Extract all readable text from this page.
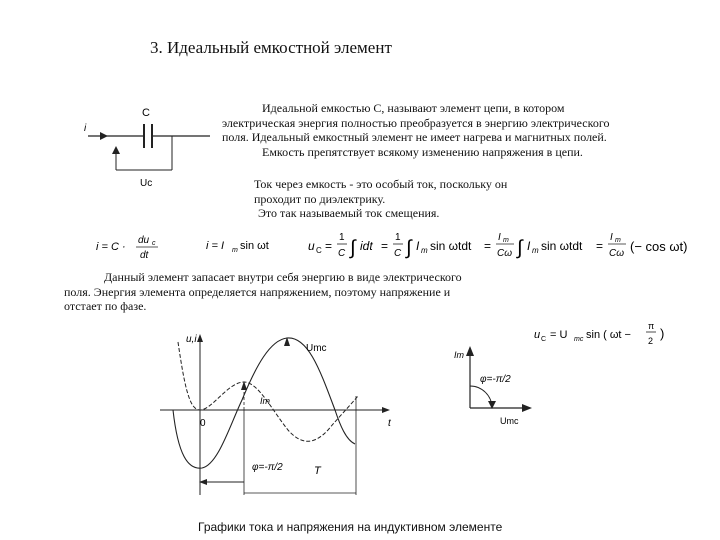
3. Идеальный емкостной элемент
C
i
Uc
Идеальной емкостью С, называют элемент цепи, в котором
электрическая энергия полностью преобразуется в энергию электрического
поля. Идеальный емкостный элемент не имеет нагрева и магнитных полей.
Емкость препятствует всякому изменению напряжения в цепи.
Ток через емкость - это особый ток, поскольку он
проходит по диэлектрику.
Это так называемый ток смещения.
i = C ·
du c
dt
i = I m sin ωt	u C =
1
C ∫ idt =
1
C ∫ I m sin ωtdt =
I m
Cω ∫ I m sin ωtdt =
I m
Cω (− cos ωt)
Данный элемент запасает внутри себя энергию в виде электрического
поля. Энергия элемента определяется напряжением, поэтому напряжение и
отстает по фазе.
u C = U mc sin ( ωt −
π
2 )
u,i
t
0
Umc
Im
φ=-π/2	T
Im
φ=-π/2
Umc
Графики тока и напряжения на индуктивном элементе
